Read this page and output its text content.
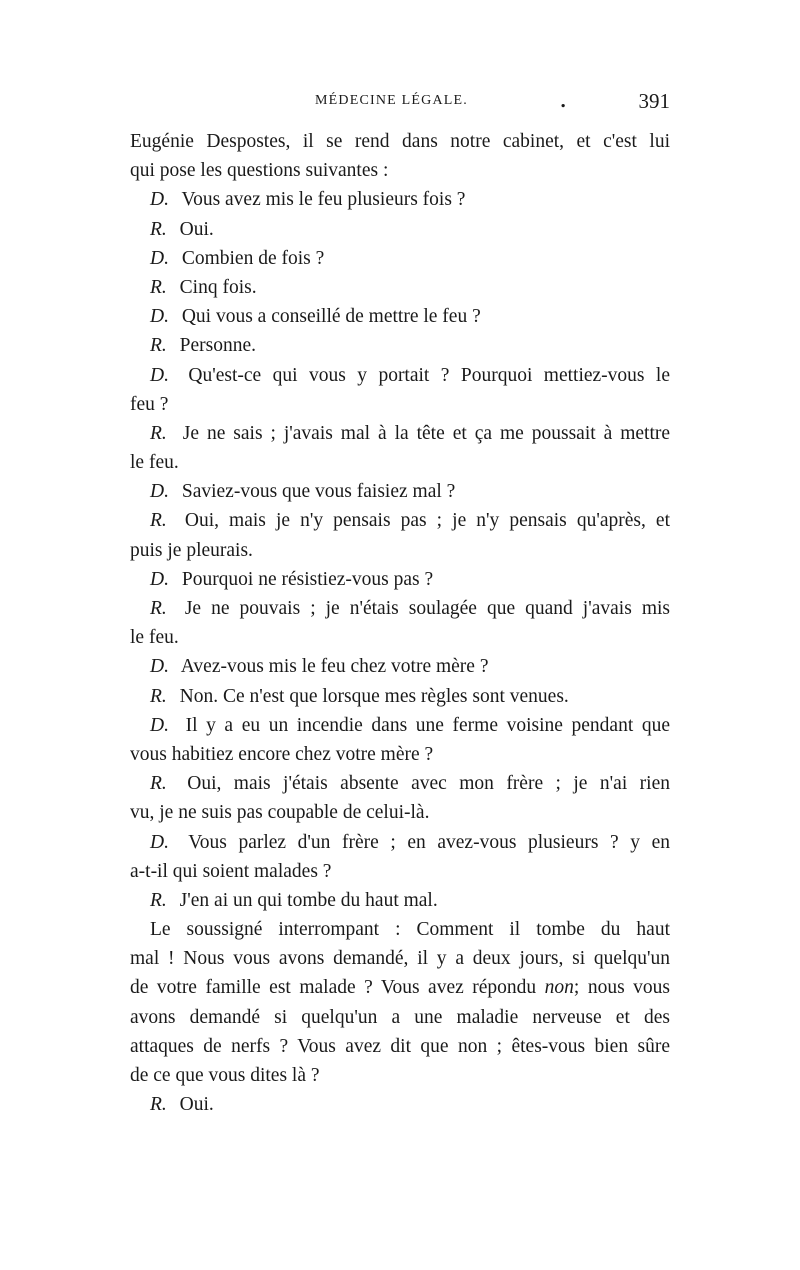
MÉDECINE LÉGALE.	.	391
Eugénie Despostes, il se rend dans notre cabinet, et c'est lui
qui pose les questions suivantes :
D. Vous avez mis le feu plusieurs fois ?
R. Oui.
D. Combien de fois ?
R. Cinq fois.
D. Qui vous a conseillé de mettre le feu ?
R. Personne.
D. Qu'est-ce qui vous y portait ? Pourquoi mettiez-vous le
feu ?
R. Je ne sais ; j'avais mal à la tête et ça me poussait à mettre
le feu.
D. Saviez-vous que vous faisiez mal ?
R. Oui, mais je n'y pensais pas ; je n'y pensais qu'après, et
puis je pleurais.
D. Pourquoi ne résistiez-vous pas ?
R. Je ne pouvais ; je n'étais soulagée que quand j'avais mis
le feu.
D. Avez-vous mis le feu chez votre mère ?
R. Non. Ce n'est que lorsque mes règles sont venues.
D. Il y a eu un incendie dans une ferme voisine pendant que
vous habitiez encore chez votre mère ?
R. Oui, mais j'étais absente avec mon frère ; je n'ai rien
vu, je ne suis pas coupable de celui-là.
D. Vous parlez d'un frère ; en avez-vous plusieurs ? y en
a-t-il qui soient malades ?
R. J'en ai un qui tombe du haut mal.
Le soussigné interrompant : Comment il tombe du haut
mal ! Nous vous avons demandé, il y a deux jours, si quelqu'un
de votre famille est malade ? Vous avez répondu non; nous vous
avons demandé si quelqu'un a une maladie nerveuse et des
attaques de nerfs ? Vous avez dit que non ; êtes-vous bien sûre
de ce que vous dites là ?
R. Oui.
